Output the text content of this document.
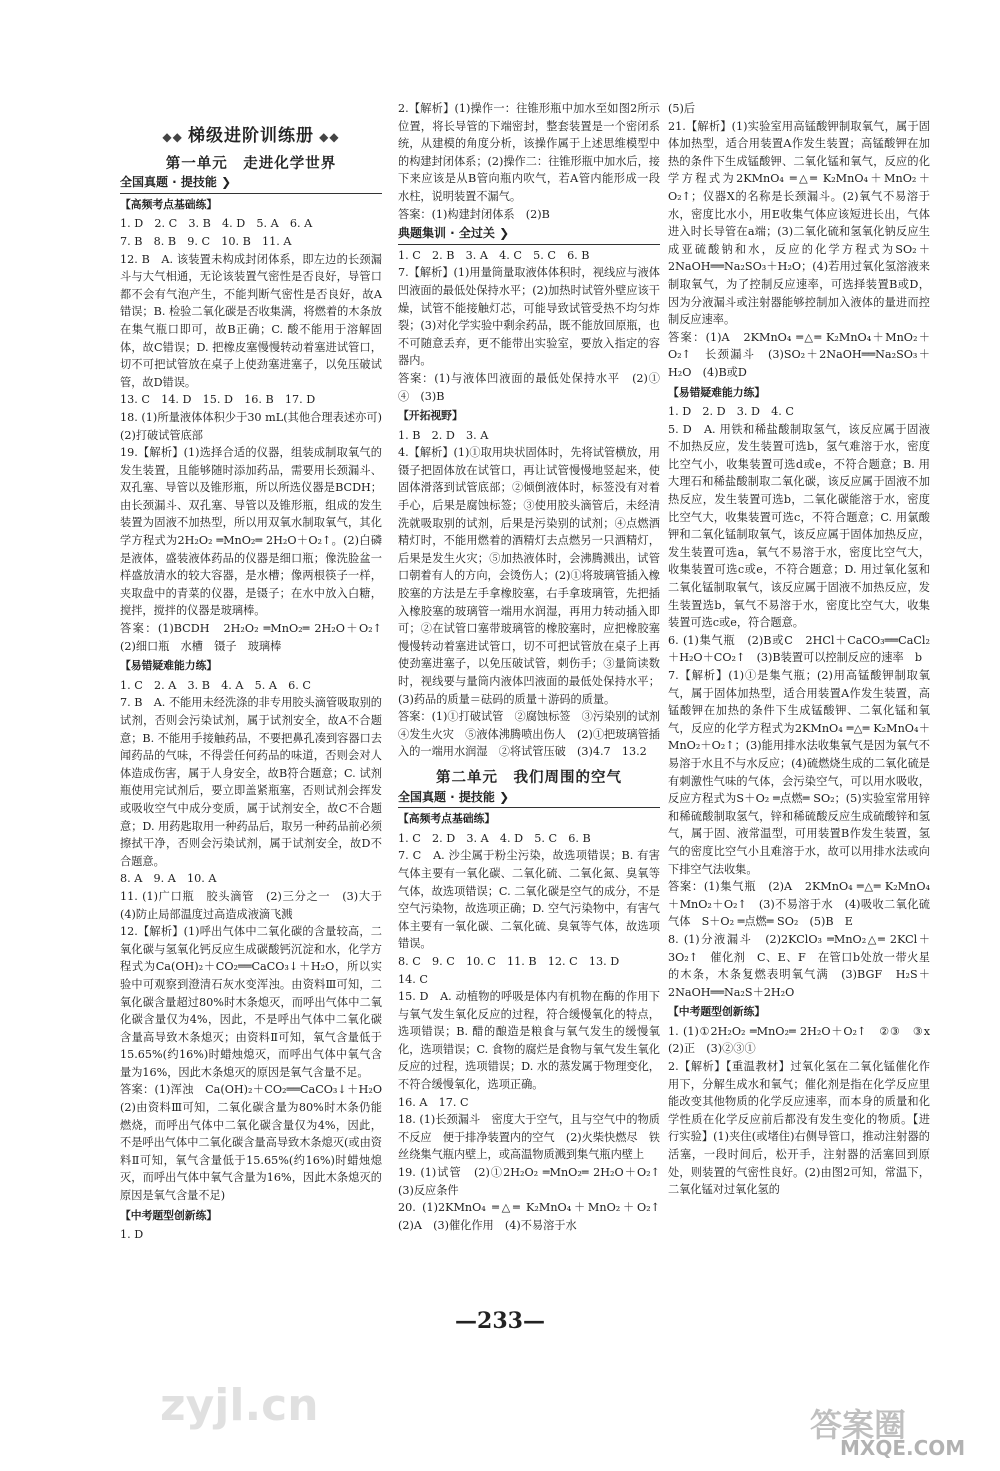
◆◆ 梯级进阶训练册 ◆◆
第一单元　走进化学世界
全国真题 · 提技能 ❯
【高频考点基础练】

1. D　2. C　3. B　4. D　5. A　6. A

7. B　8. B　9. C　10. B　11. A

12. B　A. 该装置未构成封闭体系，即左边的长颈漏斗与大气相通，无论该装置气密性是否良好，导管口都不会有气泡产生，不能判断气密性是否良好，故A错误；B. 检验二氧化碳是否收集满，将燃着的木条放在集气瓶口即可，故B正确；C. 酸不能用于溶解固体，故C错误；D. 把橡皮塞慢慢转动着塞进试管口，切不可把试管放在桌子上使劲塞进塞子，以免压破试管，故D错误。

13. C　14. D　15. D　16. B　17. D

18. (1)所量液体体积少于30 mL(其他合理表述亦可)　(2)打破试管底部

19.【解析】(1)选择合适的仪器，组装成制取氧气的发生装置，且能够随时添加药品，需要用长颈漏斗、双孔塞、导管以及锥形瓶，所以所选仪器是BCDH；由长颈漏斗、双孔塞、导管以及锥形瓶，组成的发生装置为固液不加热型，所以用双氧水制取氧气，其化学方程式为2H₂O₂ ═MnO₂═ 2H₂O＋O₂↑。(2)白磷是液体，盛装液体药品的仪器是细口瓶；像洗脸盆一样盛放清水的较大容器，是水槽；像两根筷子一样，夹取盘中的青菜的仪器，是镊子；在水中放入白糖，搅拌，搅拌的仪器是玻璃棒。

答案：(1)BCDH　2H₂O₂ ═MnO₂═ 2H₂O＋O₂↑　(2)细口瓶　水槽　镊子　玻璃棒

【易错疑难能力练】

1. C　2. A　3. B　4. A　5. A　6. C

7. B　A. 不能用未经洗涤的非专用胶头滴管吸取别的试剂，否则会污染试剂，属于试剂安全，故A不合题意；B. 不能用手接触药品，不要把鼻孔凑到容器口去闻药品的气味，不得尝任何药品的味道，否则会对人体造成伤害，属于人身安全，故B符合题意；C. 试剂瓶使用完试剂后，要立即盖紧瓶塞，否则试剂会挥发或吸收空气中成分变质，属于试剂安全，故C不合题意；D. 用药匙取用一种药品后，取另一种药品前必须擦拭干净，否则会污染试剂，属于试剂安全，故D不合题意。

8. A　9. A　10. A

11. (1)广口瓶　胶头滴管　(2)三分之一　(3)大于　(4)防止局部温度过高造成液滴飞溅

12.【解析】(1)呼出气体中二氧化碳的含量较高，二氧化碳与氢氧化钙反应生成碳酸钙沉淀和水，化学方程式为Ca(OH)₂＋CO₂══CaCO₃↓＋H₂O，所以实验中可观察到澄清石灰水变浑浊。由资料Ⅲ可知，二氧化碳含量超过80%时木条熄灭，而呼出气体中二氧化碳含量仅为4%，因此，不是呼出气体中二氧化碳含量高导致木条熄灭；由资料Ⅱ可知，氧气含量低于15.65%(约16%)时蜡烛熄灭，而呼出气体中氧气含量为16%，因此木条熄灭的原因是氧气含量不足。

答案：(1)浑浊　Ca(OH)₂＋CO₂══CaCO₃↓＋H₂O　(2)由资料Ⅲ可知，二氧化碳含量为80%时木条仍能燃烧，而呼出气体中二氧化碳含量仅为4%，因此，不是呼出气体中二氧化碳含量高导致木条熄灭(或由资料Ⅱ可知，氧气含量低于15.65%(约16%)时蜡烛熄灭，而呼出气体中氧气含量为16%，因此木条熄灭的原因是氧气含量不足)

【中考题型创新练】

1. D

2.【解析】(1)操作一：往锥形瓶中加水至如图2所示位置，将长导管的下端密封，整套装置是一个密闭系统，从建模的角度分析，该操作属于上述思维模型中的构建封闭体系；(2)操作二：往锥形瓶中加水后，接下来应该是从B管向瓶内吹气，若A管内能形成一段水柱，说明装置不漏气。

答案：(1)构建封闭体系　(2)B

典题集训 · 全过关 ❯

1. C　2. B　3. A　4. C　5. C　6. B

7.【解析】(1)用量筒量取液体体积时，视线应与液体凹液面的最低处保持水平；(2)加热时试管外壁应该干燥，试管不能接触灯芯，可能导致试管受热不均匀炸裂；(3)对化学实验中剩余药品，既不能放回原瓶，也不可随意丢弃，更不能带出实验室，要放入指定的容器内。

答案：(1)与液体凹液面的最低处保持水平　(2)①　④　(3)B

【开拓视野】

1. B　2. D　3. A

4.【解析】(1)①取用块状固体时，先将试管横放，用镊子把固体放在试管口，再让试管慢慢地竖起来，使固体滑落到试管底部；②倾倒液体时，标签没有对着手心，后果是腐蚀标签；③使用胶头滴管后，未经清洗就吸取别的试剂，后果是污染别的试剂；④点燃酒精灯时，不能用燃着的酒精灯去点燃另一只酒精灯，后果是发生火灾；⑤加热液体时，会沸腾溅出，试管口朝着有人的方向，会烫伤人；(2)①将玻璃管插入橡胶塞的方法是左手拿橡胶塞，右手拿玻璃管，先把插入橡胶塞的玻璃管一端用水润湿，再用力转动插入即可；②在试管口塞带玻璃管的橡胶塞时，应把橡胶塞慢慢转动着塞进试管口，切不可把试管放在桌子上再使劲塞进塞子，以免压破试管，刺伤手；③量筒读数时，视线要与量筒内液体凹液面的最低处保持水平；(3)药品的质量＝砝码的质量＋游码的质量。

答案：(1)①打破试管　②腐蚀标签　③污染别的试剂　④发生火灾　⑤液体沸腾喷出伤人　(2)①把玻璃管插入的一端用水润湿　②将试管压破　(3)4.7　13.2

第二单元　我们周围的空气
全国真题 · 提技能 ❯
【高频考点基础练】

1. C　2. D　3. A　4. D　5. C　6. B

7. C　A. 沙尘属于粉尘污染，故选项错误；B. 有害气体主要有一氧化碳、二氧化硫、二氧化氮、臭氧等气体，故选项错误；C. 二氧化碳是空气的成分，不是空气污染物，故选项正确；D. 空气污染物中，有害气体主要有一氧化碳、二氧化硫、臭氧等气体，故选项错误。

8. C　9. C　10. C　11. B　12. C　13. D

14. C

15. D　A. 动植物的呼吸是体内有机物在酶的作用下与氧气发生氧化反应的过程，符合缓慢氧化的特点，选项错误；B. 醋的酿造是粮食与氧气发生的缓慢氧化，选项错误；C. 食物的腐烂是食物与氧气发生氧化反应的过程，选项错误；D. 水的蒸发属于物理变化，不符合缓慢氧化，选项正确。

16. A　17. C

18. (1)长颈漏斗　密度大于空气，且与空气中的物质不反应　便于排净装置内的空气　(2)火柴快燃尽　铁丝绕集气瓶内壁上，或高温物质溅到集气瓶内壁上

19. (1)试管　(2)①2H₂O₂ ═MnO₂═ 2H₂O＋O₂↑　(3)反应条件

20. (1)2KMnO₄ ═△═ K₂MnO₄＋MnO₂＋O₂↑　(2)A　(3)催化作用　(4)不易溶于水

(5)后

21.【解析】(1)实验室用高锰酸钾制取氧气，属于固体加热型，适合用装置A作发生装置；高锰酸钾在加热的条件下生成锰酸钾、二氧化锰和氧气，反应的化学方程式为2KMnO₄ ═△═ K₂MnO₄＋MnO₂＋O₂↑；仪器X的名称是长颈漏斗。(2)氧气不易溶于水，密度比水小，用E收集气体应该短进长出，气体进入时长导管在a端；(3)二氧化硫和氢氧化钠反应生成亚硫酸钠和水，反应的化学方程式为SO₂＋2NaOH══Na₂SO₃＋H₂O；(4)若用过氧化氢溶液来制取氧气，为了控制反应速率，可选择装置B或D，因为分液漏斗或注射器能够控制加入液体的量进而控制反应速率。

答案：(1)A　2KMnO₄ ═△═ K₂MnO₄＋MnO₂＋O₂↑　长颈漏斗　(3)SO₂＋2NaOH══Na₂SO₃＋H₂O　(4)B或D

【易错疑难能力练】

1. D　2. D　3. D　4. C

5. D　A. 用铁和稀盐酸制取氢气，该反应属于固液不加热反应，发生装置可选b，氢气难溶于水，密度比空气小，收集装置可选d或e，不符合题意；B. 用大理石和稀盐酸制取二氧化碳，该反应属于固液不加热反应，发生装置可选b，二氧化碳能溶于水，密度比空气大，收集装置可选c，不符合题意；C. 用氯酸钾和二氧化锰制取氧气，该反应属于固体加热反应，发生装置可选a，氧气不易溶于水，密度比空气大，收集装置可选c或e，不符合题意；D. 用过氧化氢和二氧化锰制取氧气，该反应属于固液不加热反应，发生装置选b，氧气不易溶于水，密度比空气大，收集装置可选c或e，符合题意。

6. (1)集气瓶　(2)B或C　2HCl＋CaCO₃══CaCl₂＋H₂O＋CO₂↑　(3)B装置可以控制反应的速率　b

7.【解析】(1)①是集气瓶；(2)用高锰酸钾制取氧气，属于固体加热型，适合用装置A作发生装置，高锰酸钾在加热的条件下生成锰酸钾、二氧化锰和氧气，反应的化学方程式为2KMnO₄ ═△═ K₂MnO₄＋MnO₂＋O₂↑；(3)能用排水法收集氧气是因为氧气不易溶于水且不与水反应；(4)硫燃烧生成的二氧化硫是有刺激性气味的气体，会污染空气，可以用水吸收，反应方程式为S＋O₂ ═点燃═ SO₂；(5)实验室常用锌和稀硫酸制取氢气，锌和稀硫酸反应生成硫酸锌和氢气，属于固、液常温型，可用装置B作发生装置，氢气的密度比空气小且难溶于水，故可以用排水法或向下排空气法收集。

答案：(1)集气瓶　(2)A　2KMnO₄ ═△═ K₂MnO₄＋MnO₂＋O₂↑　(3)不易溶于水　(4)吸收二氧化硫气体　S＋O₂ ═点燃═ SO₂　(5)B　E

8. (1)分液漏斗　(2)2KClO₃ ═MnO₂△═ 2KCl＋3O₂↑　催化剂　C、E、F　在管口b处放一带火星的木条，木条复燃表明氧气满　(3)BGF　H₂S＋2NaOH══Na₂S＋2H₂O

【中考题型创新练】

1. (1)①2H₂O₂ ═MnO₂═ 2H₂O＋O₂↑　②③　③x　(2)正　(3)②③①

2.【解析】【重温教材】过氧化氢在二氧化锰催化作用下，分解生成水和氧气；催化剂是指在化学反应里能改变其他物质的化学反应速率，而本身的质量和化学性质在化学反应前后都没有发生变化的物质。【进行实验】(1)夹住(或堵住)右侧导管口，推动注射器的活塞，一段时间后，松开手，注射器的活塞回到原处，则装置的气密性良好。(2)由图2可知，常温下，二氧化锰对过氧化氢的

—233—
zyjl.cn	答案圈
MXQE.COM
